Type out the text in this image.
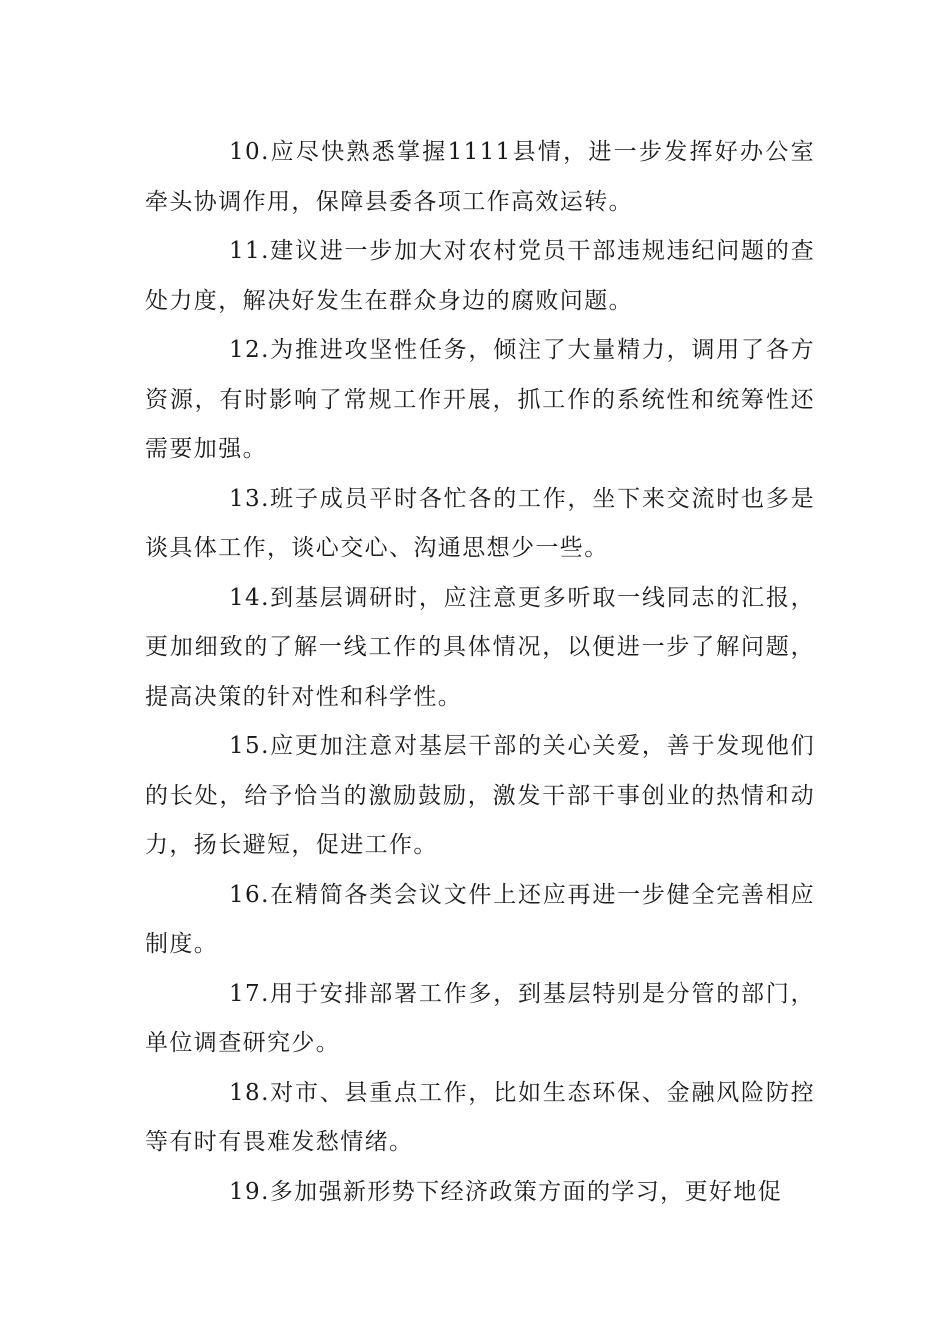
10.应尽快熟悉掌握1111县情，进一步发挥好办公室牵头协调作用，保障县委各项工作高效运转。

11.建议进一步加大对农村党员干部违规违纪问题的查处力度，解决好发生在群众身边的腐败问题。

12.为推进攻坚性任务，倾注了大量精力，调用了各方资源，有时影响了常规工作开展，抓工作的系统性和统筹性还需要加强。

13.班子成员平时各忙各的工作，坐下来交流时也多是谈具体工作，谈心交心、沟通思想少一些。

14.到基层调研时，应注意更多听取一线同志的汇报，更加细致的了解一线工作的具体情况，以便进一步了解问题，提高决策的针对性和科学性。

15.应更加注意对基层干部的关心关爱，善于发现他们的长处，给予恰当的激励鼓励，激发干部干事创业的热情和动力，扬长避短，促进工作。

16.在精简各类会议文件上还应再进一步健全完善相应制度。

17.用于安排部署工作多，到基层特别是分管的部门，单位调查研究少。

18.对市、县重点工作，比如生态环保、金融风险防控等有时有畏难发愁情绪。

19.多加强新形势下经济政策方面的学习，更好地促
